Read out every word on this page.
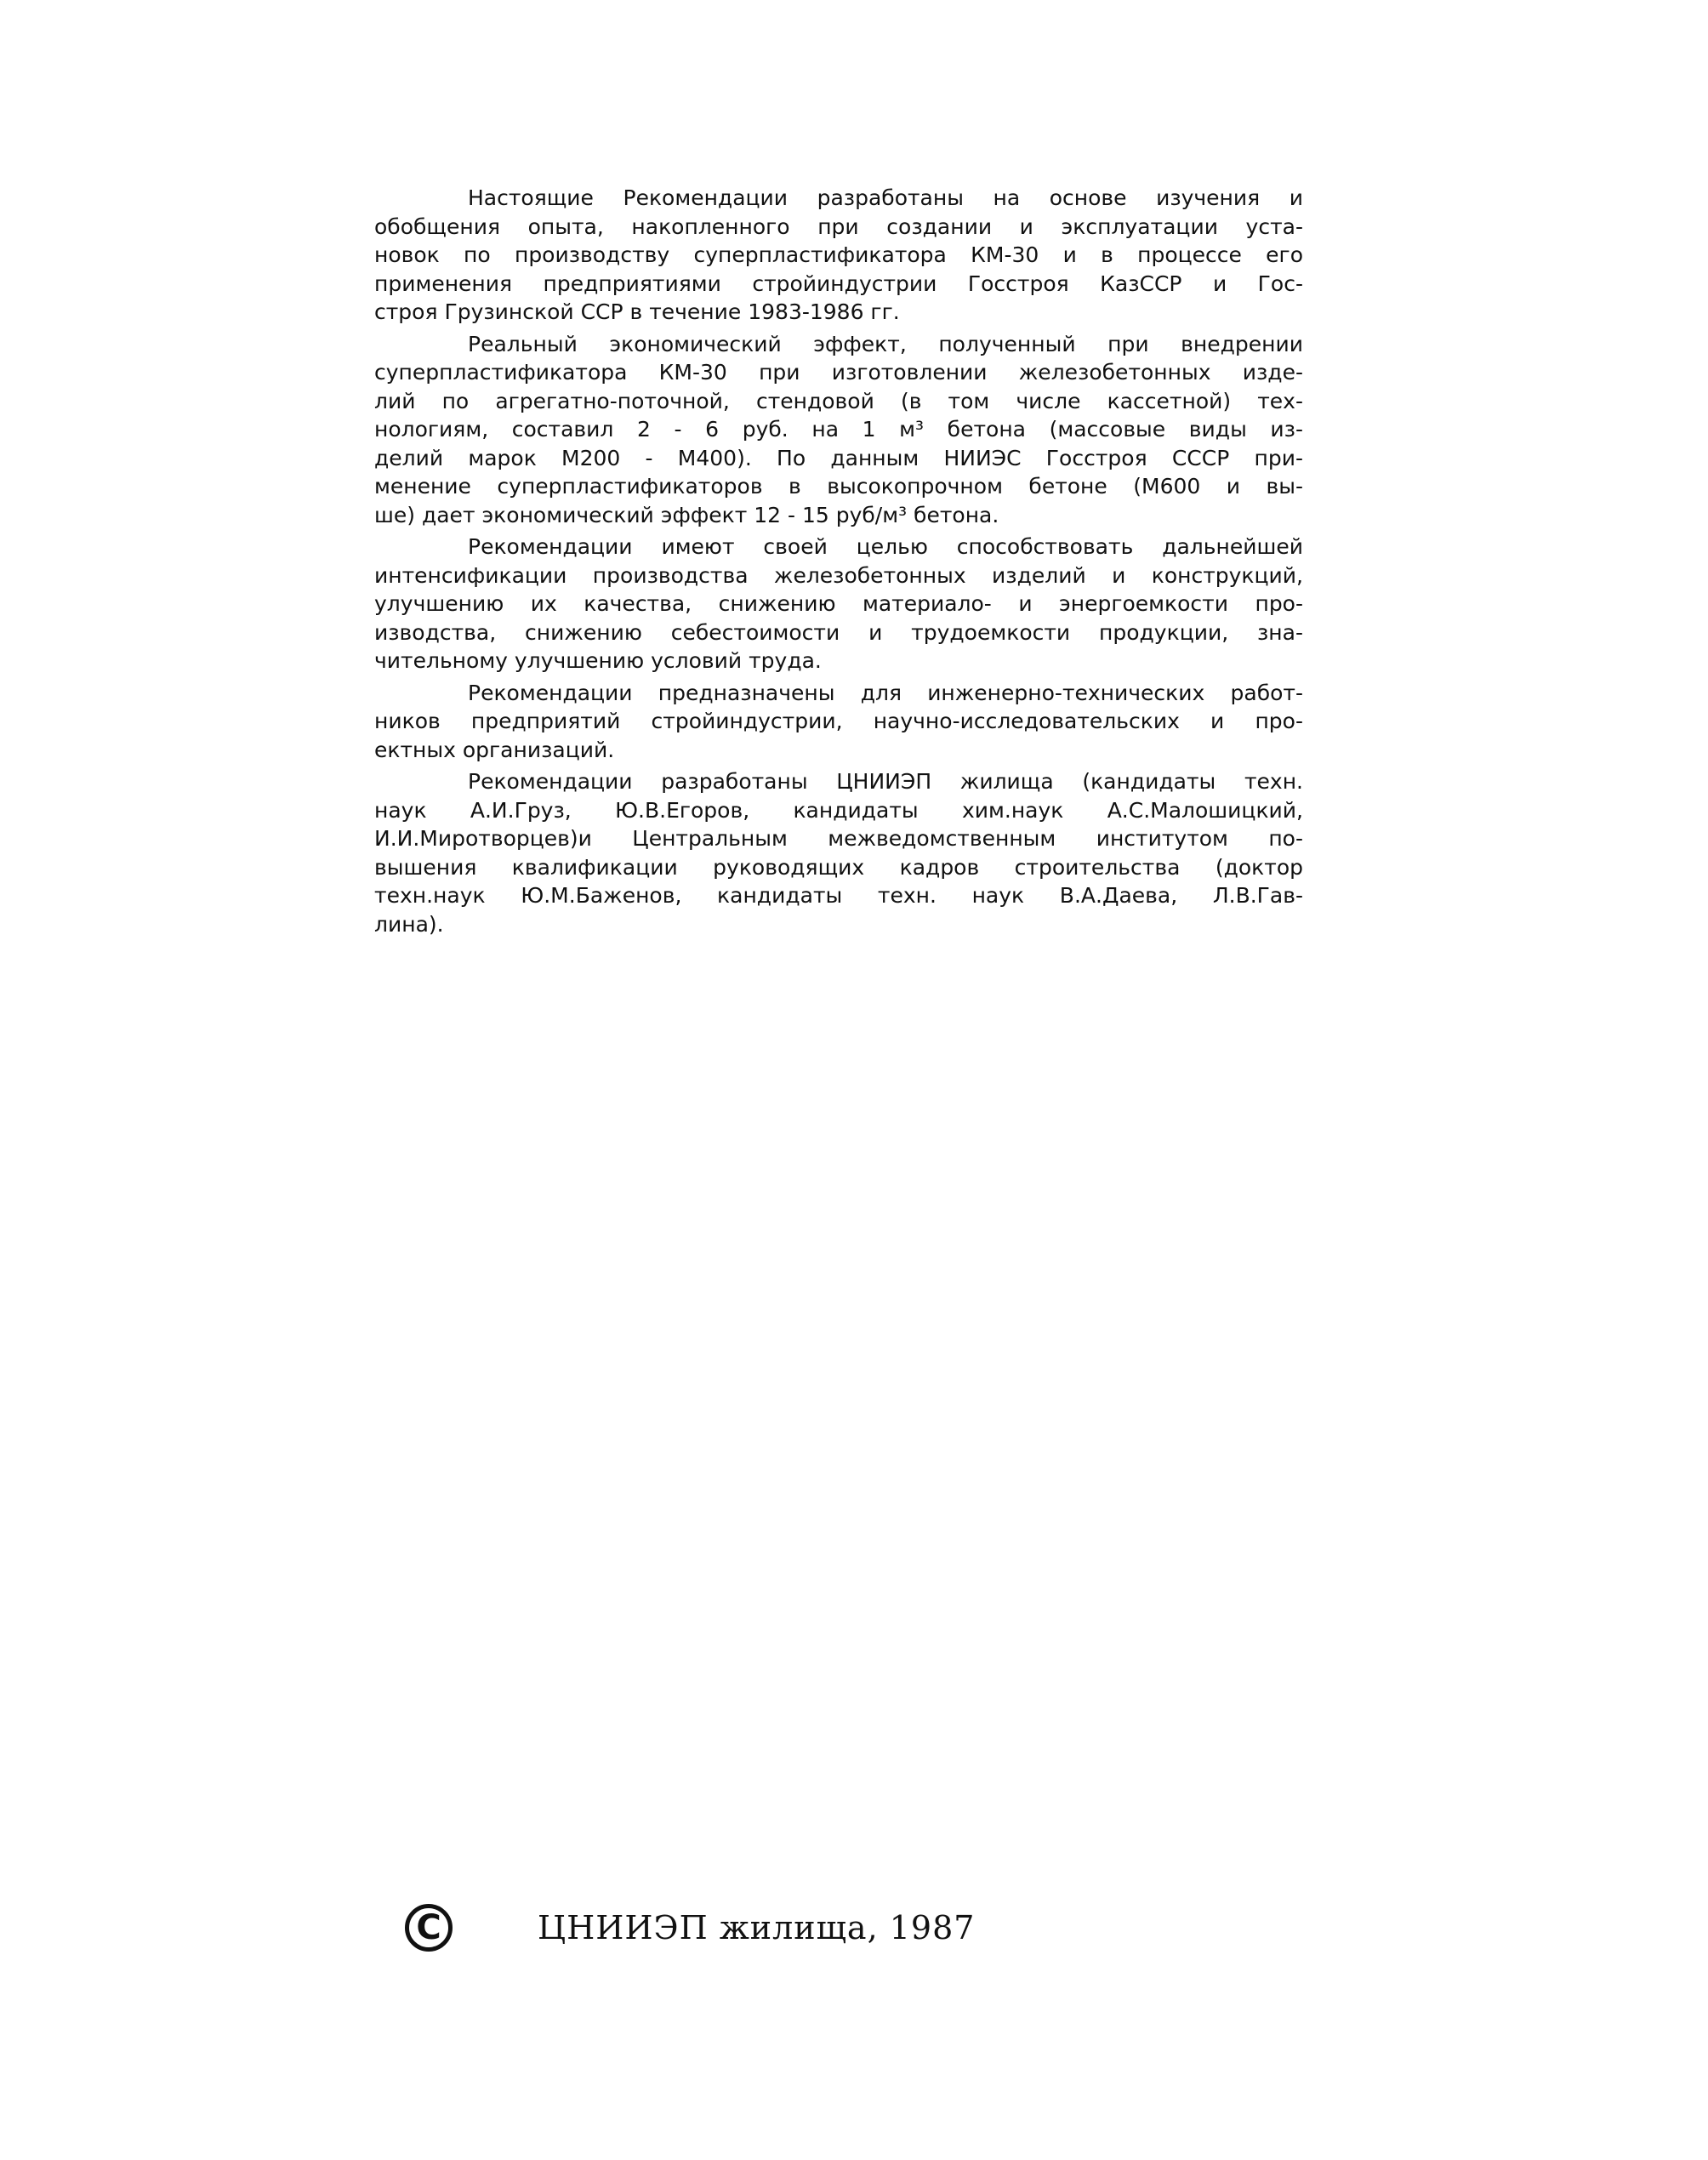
Настоящие Рекомендации разработаны на основе изучения и
обобщения опыта, накопленного при создании и эксплуатации уста-
новок по производству суперпластификатора КМ-30 и в процессе его
применения предприятиями стройиндустрии Госстроя КазССР и Гос-
строя Грузинской ССР в течение 1983-1986 гг.
Реальный экономический эффект, полученный при внедрении
суперпластификатора КМ-30 при изготовлении железобетонных изде-
лий по агрегатно-поточной, стендовой (в том числе кассетной) тех-
нологиям, составил 2 - 6 руб. на 1 м³ бетона (массовые виды из-
делий марок М200 - М400). По данным НИИЭС Госстроя СССР при-
менение суперпластификаторов в высокопрочном бетоне (М600 и вы-
ше) дает экономический эффект 12 - 15 руб/м³ бетона.
Рекомендации имеют своей целью способствовать дальнейшей
интенсификации производства железобетонных изделий и конструкций,
улучшению их качества, снижению материало- и энергоемкости про-
изводства, снижению себестоимости и трудоемкости продукции, зна-
чительному улучшению условий труда.
Рекомендации предназначены для инженерно-технических работ-
ников предприятий стройиндустрии, научно-исследовательских и про-
ектных организаций.
Рекомендации разработаны ЦНИИЭП жилища (кандидаты техн.
наук А.И.Груз, Ю.В.Егоров, кандидаты хим.наук А.С.Малошицкий,
И.И.Миротворцев)и Центральным межведомственным институтом по-
вышения квалификации руководящих кадров строительства (доктор
техн.наук Ю.М.Баженов, кандидаты техн. наук В.А.Даева, Л.В.Гав-
лина).
C	ЦНИИЭП жилища, 1987
